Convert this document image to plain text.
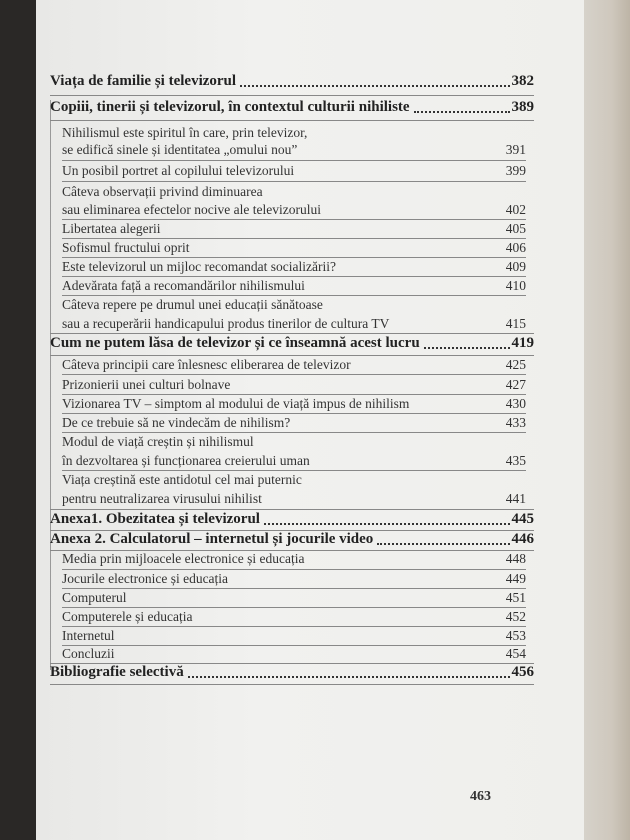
Viața de familie și televizorul	382
Copiii, tinerii și televizorul, în contextul culturii nihiliste	389
Nihilismul este spiritul în care, prin televizor,
se edifică sinele și identitatea „omului nou”	391
Un posibil portret al copilului televizorului	399
Câteva observații privind diminuarea
sau eliminarea efectelor nocive ale televizorului	402
Libertatea alegerii	405
Sofismul fructului oprit	406
Este televizorul un mijloc recomandat socializării?	409
Adevărata față a recomandărilor nihilismului	410
Câteva repere pe drumul unei educații sănătoase
sau a recuperării handicapului produs tinerilor de cultura TV	415
Cum ne putem lăsa de televizor și ce înseamnă acest lucru	419
Câteva principii care înlesnesc eliberarea de televizor	425
Prizonierii unei culturi bolnave	427
Vizionarea TV – simptom al modului de viață impus de nihilism	430
De ce trebuie să ne vindecăm de nihilism?	433
Modul de viață creștin și nihilismul
în dezvoltarea și funcționarea creierului uman	435
Viața creștină este antidotul cel mai puternic
pentru neutralizarea virusului nihilist	441
Anexa1. Obezitatea și televizorul	445
Anexa 2. Calculatorul – internetul și jocurile video	446
Media prin mijloacele electronice și educația	448
Jocurile electronice și educația	449
Computerul	451
Computerele și educația	452
Internetul	453
Concluzii	454
Bibliografie selectivă	456
463
